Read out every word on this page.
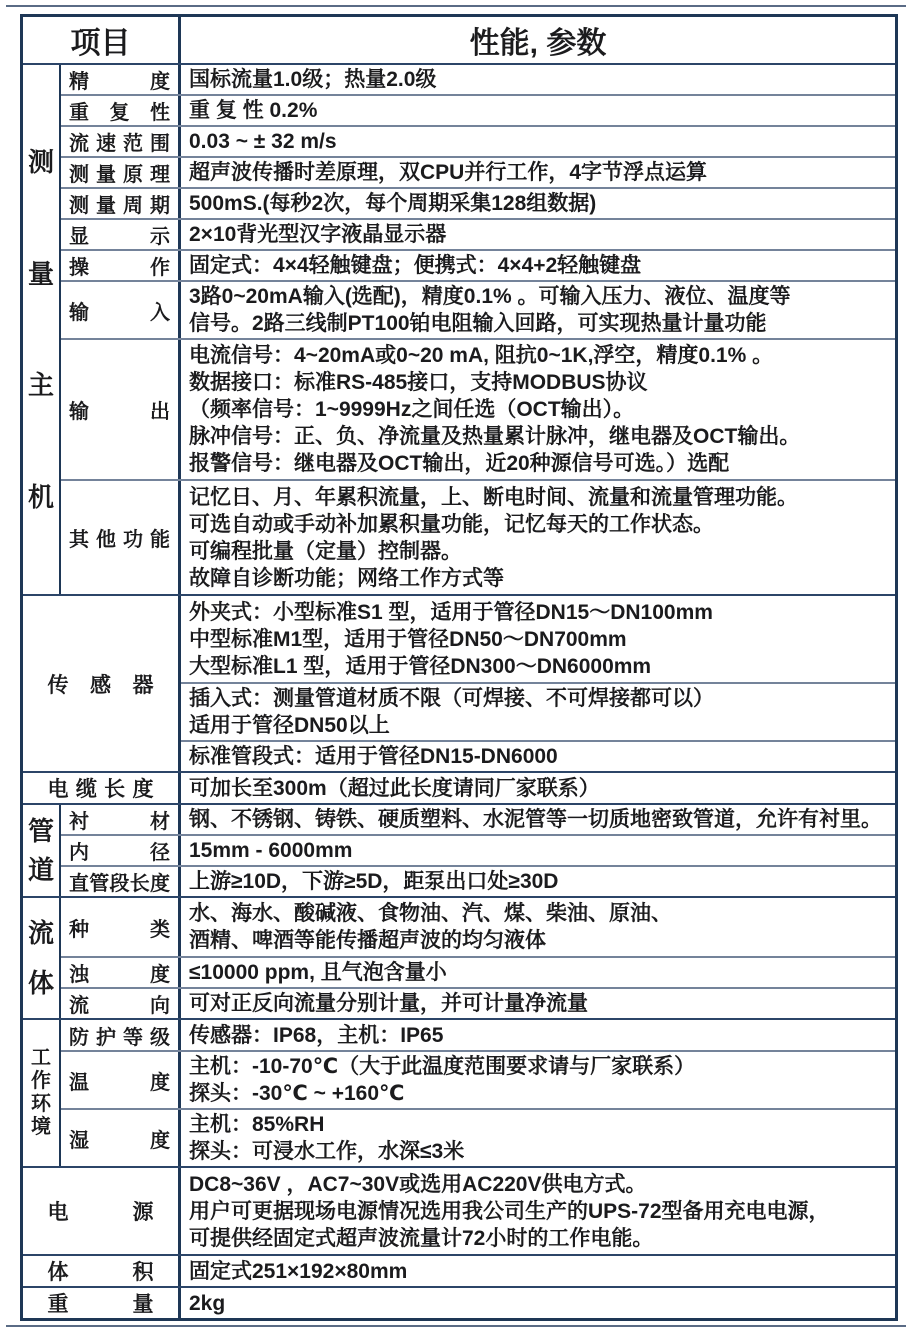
项目	性能, 参数
测
量
主
机
精度 国标流量1.0级；热量2.0级
重复性 重 复 性 0.2%
流速范围 0.03 ~ ± 32 m/s
测量原理 超声波传播时差原理，双CPU并行工作，4字节浮点运算
测量周期 500mS.(每秒2次，每个周期采集128组数据)
显示 2×10背光型汉字液晶显示器
操作 固定式：4×4轻触键盘；便携式：4×4+2轻触键盘
输入
3路0~20mA输入(选配)，精度0.1% 。可输入压力、液位、温度等
信号。2路三线制PT100铂电阻输入回路，可实现热量计量功能
输出
电流信号：4~20mA或0~20 mA, 阻抗0~1K,浮空，精度0.1% 。
数据接口：标准RS-485接口，支持MODBUS协议
（频率信号：1~9999Hz之间任选（OCT输出）。
脉冲信号：正、负、净流量及热量累计脉冲，继电器及OCT输出。
报警信号：继电器及OCT输出，近20种源信号可选。）选配
其他功能
记忆日、月、年累积流量，上、断电时间、流量和流量管理功能。
可选自动或手动补加累积量功能，记忆每天的工作状态。
可编程批量（定量）控制器。
故障自诊断功能；网络工作方式等
传感器
外夹式：小型标准S1 型，适用于管径DN15～DN100mm
中型标准M1型，适用于管径DN50～DN700mm
大型标准L1 型，适用于管径DN300～DN6000mm
插入式：测量管道材质不限（可焊接、不可焊接都可以）
适用于管径DN50以上
标准管段式：适用于管径DN15-DN6000
电缆长度 可加长至300m（超过此长度请同厂家联系）
管
道
衬材 钢、不锈钢、铸铁、硬质塑料、水泥管等一切质地密致管道，允许有衬里。
内径 15mm - 6000mm
直管段长度 上游≥10D，下游≥5D，距泵出口处≥30D
流
体
种类
水、海水、酸碱液、食物油、汽、煤、柴油、原油、
酒精、啤酒等能传播超声波的均匀液体
浊度 ≤10000 ppm, 且气泡含量小
流向 可对正反向流量分别计量，并可计量净流量
工
作
环
境
防护等级 传感器：IP68，主机：IP65
温度
主机：-10-70℃（大于此温度范围要求请与厂家联系）
探头：-30℃ ~ +160℃
湿度
主机：85%RH
探头：可浸水工作，水深≤3米
电源
DC8~36V ，AC7~30V或选用AC220V供电方式。
用户可更据现场电源情况选用我公司生产的UPS-72型备用充电电源，
可提供经固定式超声波流量计72小时的工作电能。
体积 固定式251×192×80mm
重量 2kg
